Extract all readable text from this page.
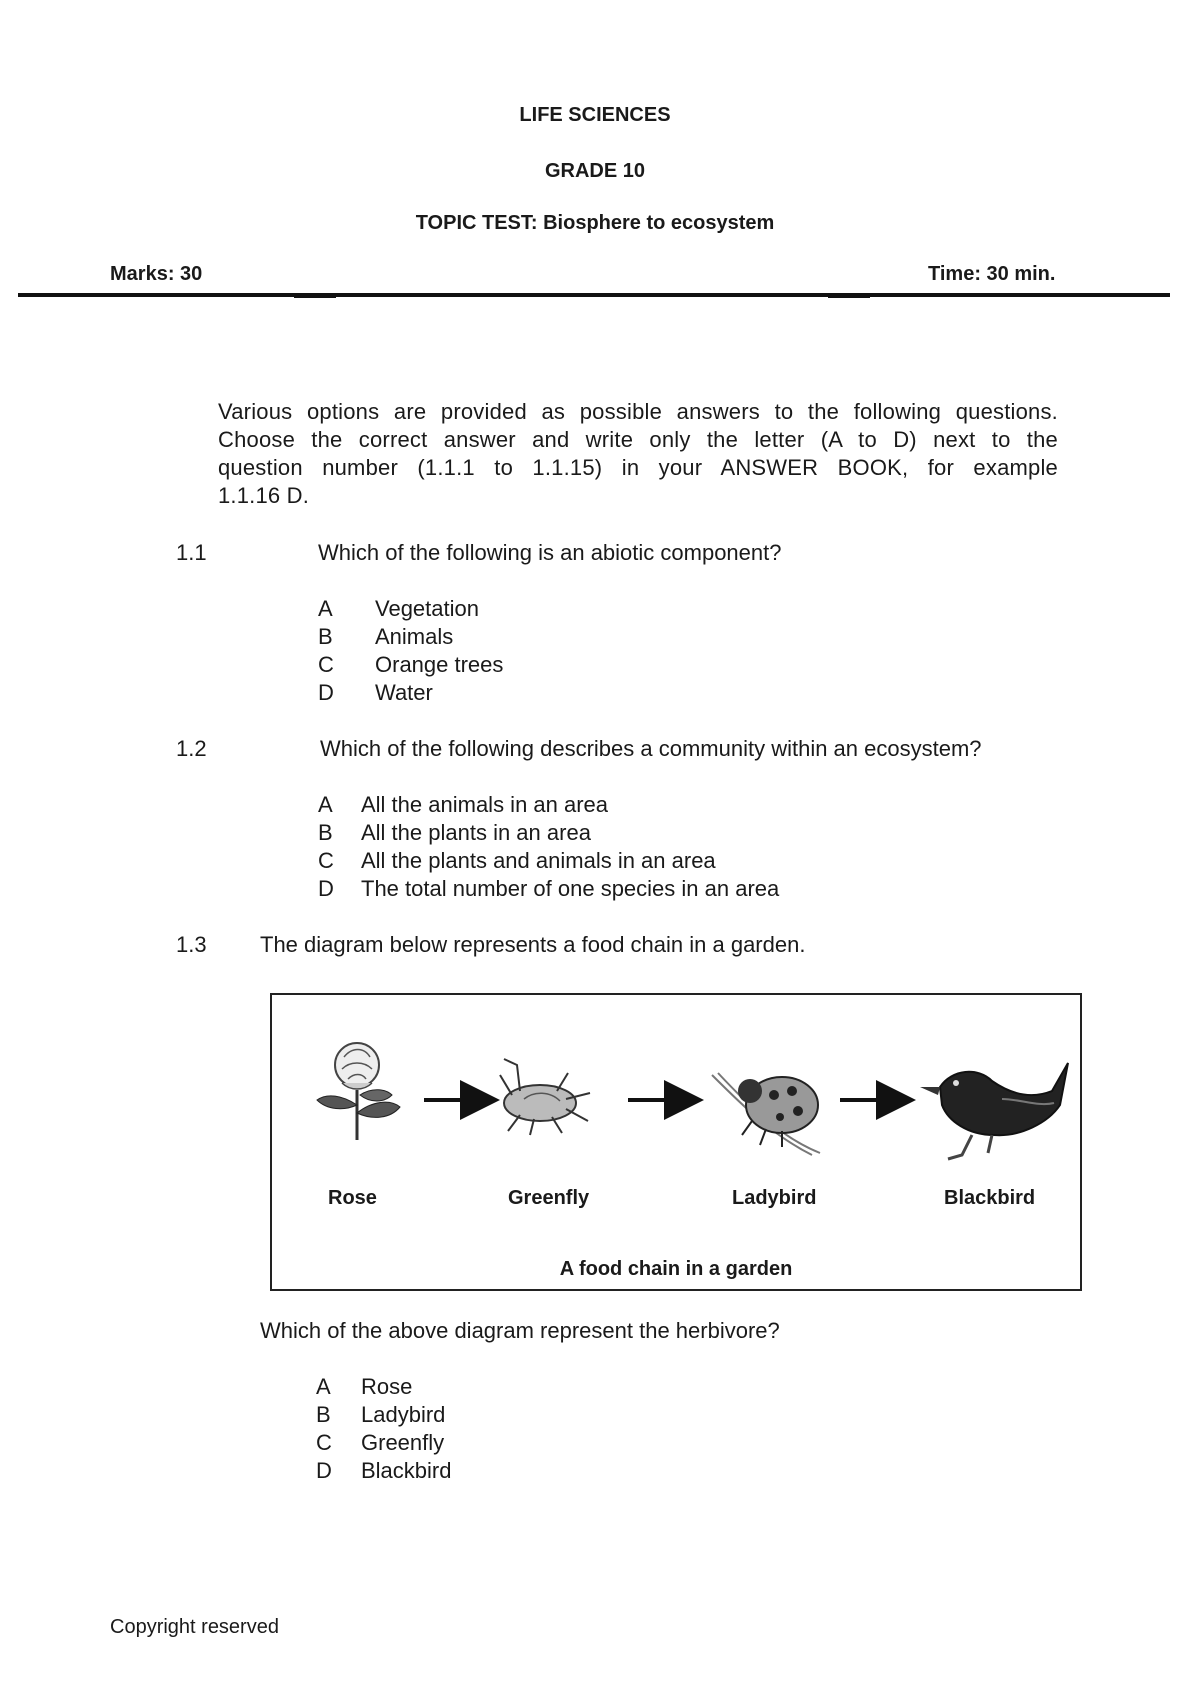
LIFE SCIENCES
GRADE 10
TOPIC TEST: Biosphere to ecosystem
Marks: 30	Time: 30 min.
Various options are provided as possible answers to the following questions.
Choose the correct answer and write only the letter (A to D) next to the
question number (1.1.1 to 1.1.15) in your ANSWER BOOK, for example
1.1.16 D.
1.1	Which of the following is an abiotic component?
A Vegetation
B Animals
C Orange trees
D Water
1.2	Which of the following describes a community within an ecosystem?
A All the animals in an area
B All the plants in an area
C All the plants and animals in an area
D The total number of one species in an area
1.3 The diagram below represents a food chain in a garden.
Rose	Greenfly	Ladybird	Blackbird
A food chain in a garden
Which of the above diagram represent the herbivore?
A Rose
B Ladybird
C Greenfly
D Blackbird
Copyright reserved
